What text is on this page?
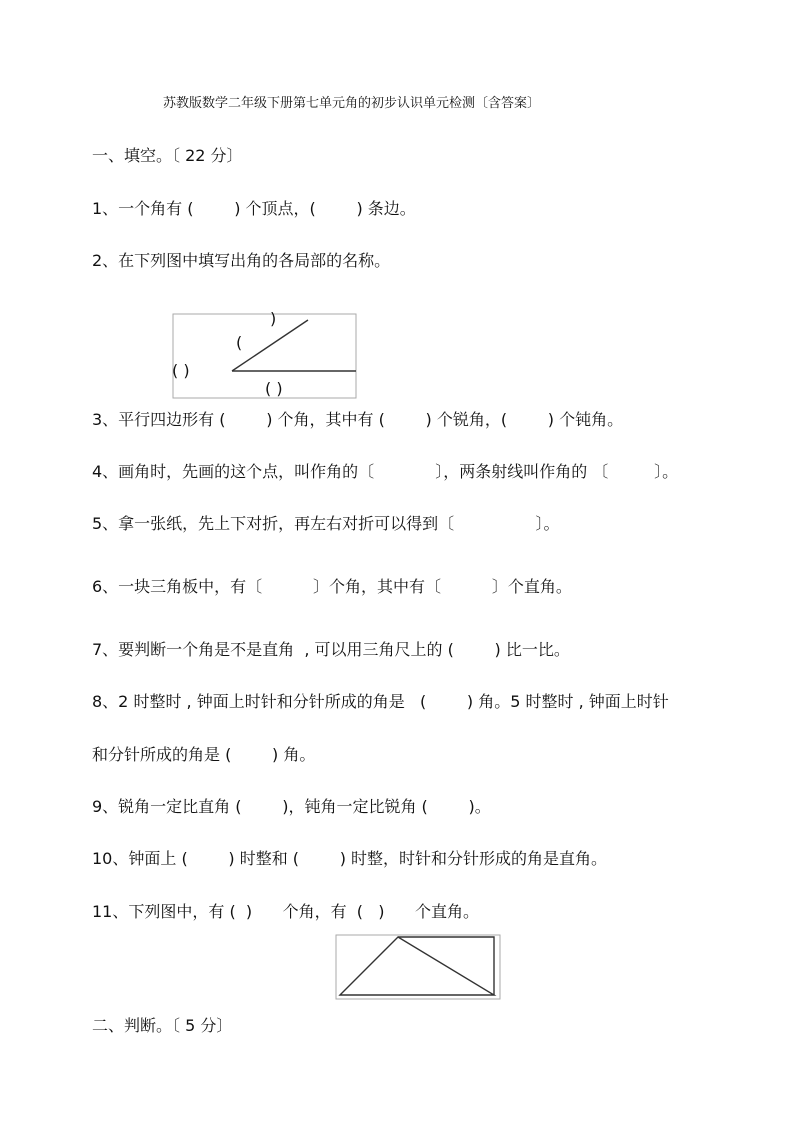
苏教版数学二年级下册第七单元角的初步认识单元检测〔含答案〕
一、填空。〔 22 分〕
1、一个角有 (        ) 个顶点，(        ) 条边。
2、在下列图中填写出角的各局部的名称。
)
(
( )
( )
3、平行四边形有 (        ) 个角，其中有 (        ) 个锐角，(        ) 个钝角。
4、画角时，先画的这个点，叫作角的〔            〕，两条射线叫作角的 〔         〕。
5、拿一张纸，先上下对折，再左右对折可以得到〔                〕。
6、一块三角板中，有〔          〕个角，其中有〔          〕个直角。
7、要判断一个角是不是直角  , 可以用三角尺上的 (        ) 比一比。
8、2 时整时 , 钟面上时针和分针所成的角是   (        ) 角。5 时整时 , 钟面上时针
和分针所成的角是 (        ) 角。
9、锐角一定比直角 (        )，钝角一定比锐角 (        )。
10、钟面上 (        ) 时整和 (        ) 时整，时针和分针形成的角是直角。
11、下列图中，有 (  )      个角，有  (   )      个直角。
二、判断。〔 5 分〕
